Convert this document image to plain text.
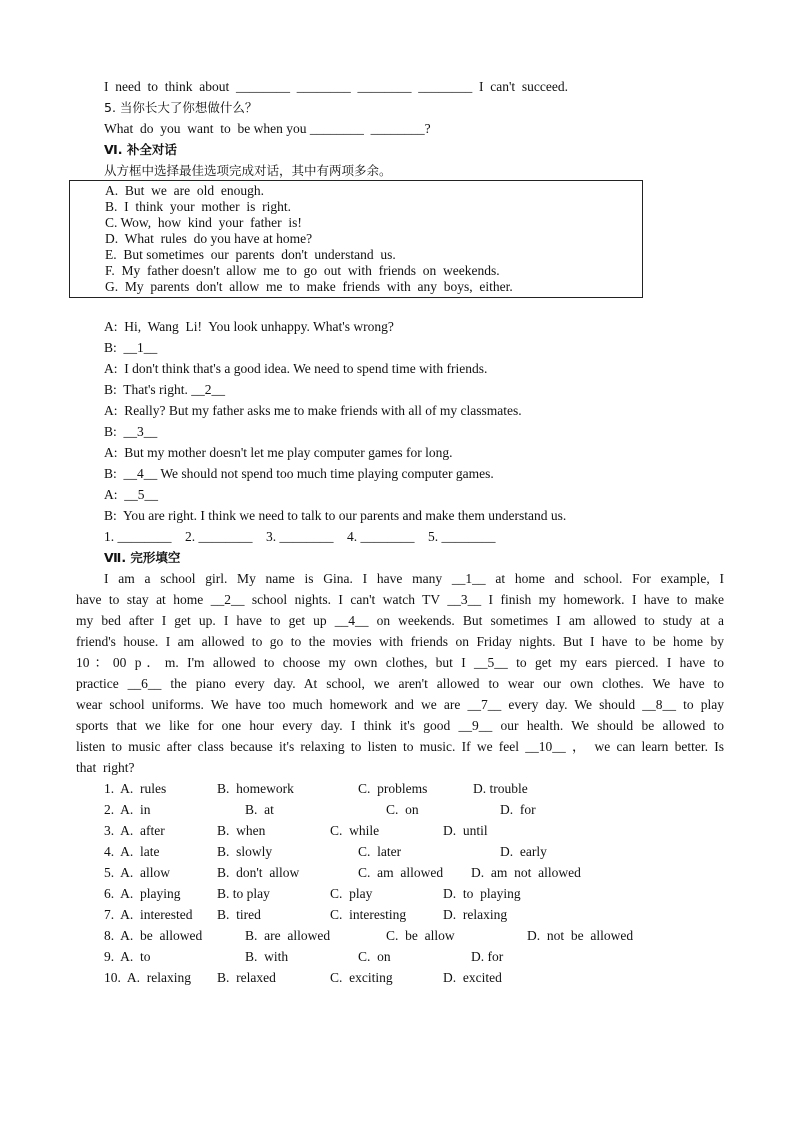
I  need  to  think  about  ________  ________  ________  ________  I  can't  succeed.
5. 当你长大了你想做什么？
What  do  you  want  to  be when you ________  ________?
Ⅵ. 补全对话
从方框中选择最佳选项完成对话，其中有两项多余。
A.  But  we  are  old  enough.
B.  I  think  your  mother  is  right.
C. Wow,  how  kind  your  father  is!
D.  What  rules  do you have at home?
E.  But sometimes  our  parents  don't  understand  us.
F.  My  father doesn't  allow  me  to  go  out  with  friends  on  weekends.
G.  My  parents  don't  allow  me  to  make  friends  with  any  boys,  either.
A:  Hi,  Wang  Li!  You look unhappy. What's wrong?
B:  __1__
A:  I don't think that's a good idea. We need to spend time with friends.
B:  That's right. __2__
A:  Really? But my father asks me to make friends with all of my classmates.
B:  __3__
A:  But my mother doesn't let me play computer games for long.
B:  __4__ We should not spend too much time playing computer games.
A:  __5__
B:  You are right. I think we need to talk to our parents and make them understand us.
1. ________    2. ________    3. ________    4. ________    5. ________
Ⅶ. 完形填空
I am a school girl. My name is Gina. I have many __1__ at home and school. For example, I
have to stay at home __2__ school nights. I can't watch TV __3__ I finish my homework. I have to make
my bed after I get up. I have to get up __4__ on weekends. But sometimes I am allowed to study at a
friend's house. I am allowed to go to the movies with friends on Friday nights. But I have to be home by
10：00 p．m. I'm allowed to choose my own clothes, but I __5__ to get my ears pierced. I have to
practice __6__ the piano every day. At school, we aren't allowed to wear our own clothes. We have to
wear school uniforms. We have too much homework and we are __7__ every day. We should __8__ to play
sports that we like for one hour every day. I think it's good __9__ our health. We should be allowed to
listen to music after class because it's relaxing to listen to music. If we feel __10__ ， we can learn better. Is
that  right?
1.  A.  rules	B.  homework	C.  problems	D. trouble
2.  A.  in	B.  at	C.  on	D.  for
3.  A.  after	B.  when	C.  while	D.  until
4.  A.  late	B.  slowly	C.  later	D.  early
5.  A.  allow	B.  don't  allow	C.  am  allowed D.  am  not  allowed
6.  A.  playing	B. to play	C.  play	D.  to  playing
7.  A.  interested B.  tired	C.  interesting	D.  relaxing
8.  A.  be  allowed	B.  are  allowed	C.  be  allow	D.  not  be  allowed
9.  A.  to	B.  with	C.  on	D. for
10.  A.  relaxing B.  relaxed	C.  exciting	D.  excited
